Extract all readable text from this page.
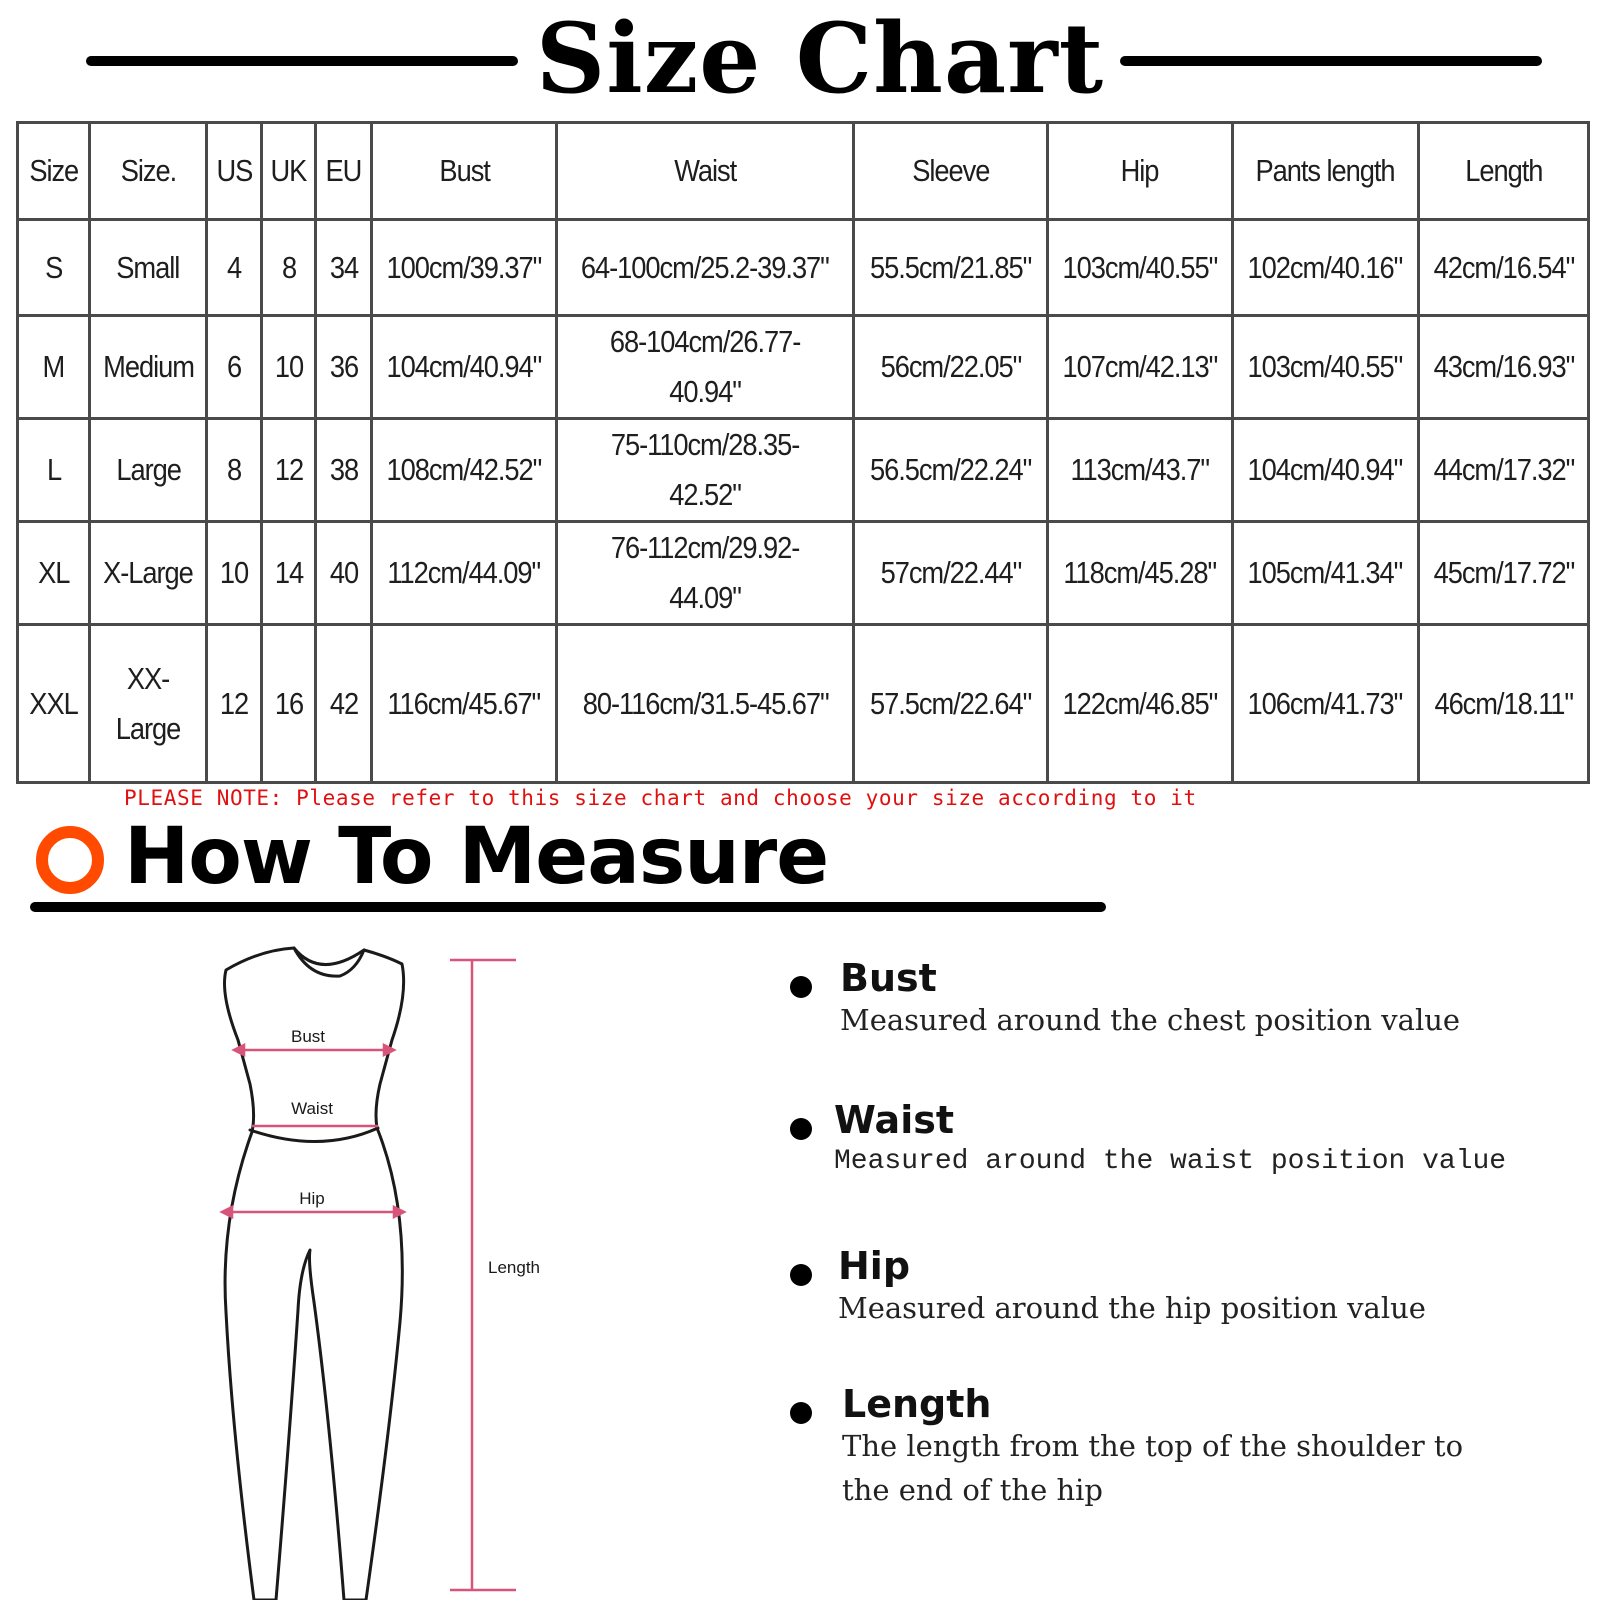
Size Chart
Size	Size.	US	UK	EU	Bust	Waist	Sleeve	Hip	Pants length	Length
S	Small	4	8	34	100cm/39.37"	64-100cm/25.2-39.37"	55.5cm/21.85"	103cm/40.55"	102cm/40.16"	42cm/16.54"
M	Medium	6	10	36	104cm/40.94"	68-104cm/26.77-40.94"	56cm/22.05"	107cm/42.13"	103cm/40.55"	43cm/16.93"
L	Large	8	12	38	108cm/42.52"	75-110cm/28.35-42.52"	56.5cm/22.24"	113cm/43.7"	104cm/40.94"	44cm/17.32"
XL	X-Large	10	14	40	112cm/44.09"	76-112cm/29.92-44.09"	57cm/22.44"	118cm/45.28"	105cm/41.34"	45cm/17.72"
XXL	XX-Large	12	16	42	116cm/45.67"	80-116cm/31.5-45.67"	57.5cm/22.64"	122cm/46.85"	106cm/41.73"	46cm/18.11"
PLEASE NOTE: Please refer to this size chart and choose your size according to it
How To Measure
Bust
Waist
Hip
Length
Bust
Measured around the chest position value
Waist
Measured around the waist position value
Hip
Measured around the hip position value
Length
The length from the top of the shoulder to
the end of the hip
